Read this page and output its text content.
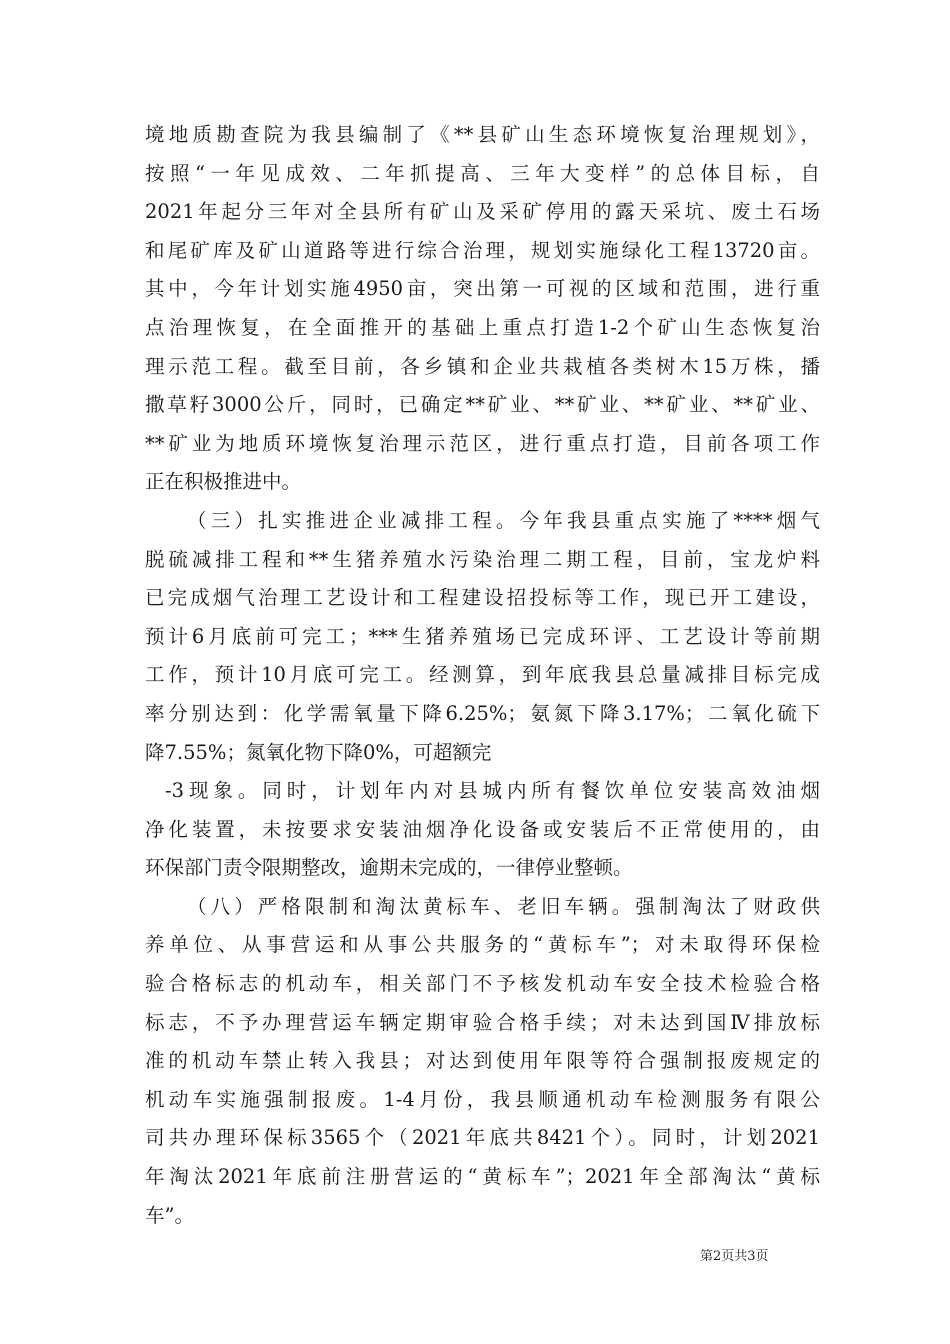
境地质勘查院为我县编制了《**县矿山生态环境恢复治理规划》，
按照“一年见成效、二年抓提高、三年大变样”的总体目标，自
2021年起分三年对全县所有矿山及采矿停用的露天采坑、废土石场
和尾矿库及矿山道路等进行综合治理，规划实施绿化工程13720亩。
其中，今年计划实施4950亩，突出第一可视的区域和范围，进行重
点治理恢复，在全面推开的基础上重点打造1-2个矿山生态恢复治
理示范工程。截至目前，各乡镇和企业共栽植各类树木15万株，播
撒草籽3000公斤，同时，已确定**矿业、**矿业、**矿业、**矿业、
**矿业为地质环境恢复治理示范区，进行重点打造，目前各项工作
正在积极推进中。
（三）扎实推进企业减排工程。今年我县重点实施了****烟气
脱硫减排工程和**生猪养殖水污染治理二期工程，目前，宝龙炉料
已完成烟气治理工艺设计和工程建设招投标等工作，现已开工建设，
预计6月底前可完工；***生猪养殖场已完成环评、工艺设计等前期
工作，预计10月底可完工。经测算，到年底我县总量减排目标完成
率分别达到：化学需氧量下降6.25%；氨氮下降3.17%；二氧化硫下
降7.55%；氮氧化物下降0%，可超额完
-3现象。同时，计划年内对县城内所有餐饮单位安装高效油烟
净化装置，未按要求安装油烟净化设备或安装后不正常使用的，由
环保部门责令限期整改，逾期未完成的，一律停业整顿。
（八）严格限制和淘汰黄标车、老旧车辆。强制淘汰了财政供
养单位、从事营运和从事公共服务的“黄标车”；对未取得环保检
验合格标志的机动车，相关部门不予核发机动车安全技术检验合格
标志，不予办理营运车辆定期审验合格手续；对未达到国Ⅳ排放标
准的机动车禁止转入我县；对达到使用年限等符合强制报废规定的
机动车实施强制报废。1-4月份，我县顺通机动车检测服务有限公
司共办理环保标3565个（2021年底共8421个）。同时，计划2021
年淘汰2021年底前注册营运的“黄标车”；2021年全部淘汰“黄标
车”。
第2页共3页
